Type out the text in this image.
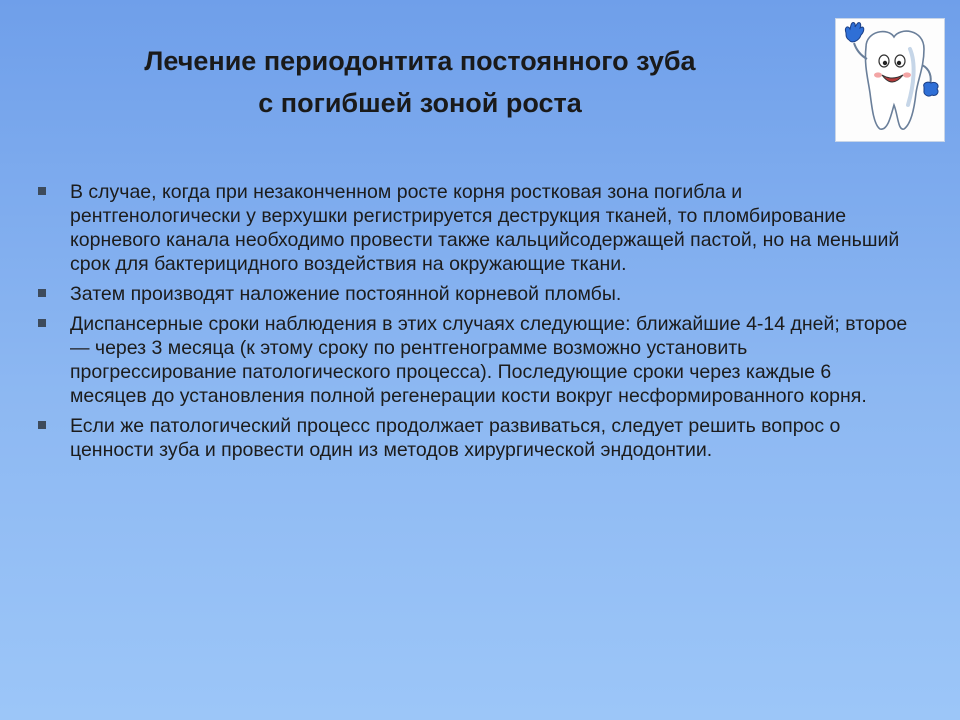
Лечение периодонтита постоянного зуба
с погибшей зоной роста
В случае, когда при незаконченном росте корня ростковая зона погибла и рентгенологически у верхушки регистрируется деструкция тканей, то пломбирование корневого канала необходимо провести также кальцийсодержащей пастой, но на меньший срок для бактерицидного воздействия на окружающие ткани.
Затем производят наложение постоянной корневой пломбы.
Диспансерные сроки наблюдения в этих случаях следующие: ближайшие 4-14 дней; второе — через 3 месяца (к этому сроку по рентгенограмме возможно установить прогрессирование патологического процесса). Последующие сроки через каждые 6 месяцев до установления полной регенерации кости вокруг несформированного корня.
Если же патологический процесс продолжает развиваться, следует решить вопрос о ценности зуба и провести один из методов хирургической эндодонтии.
